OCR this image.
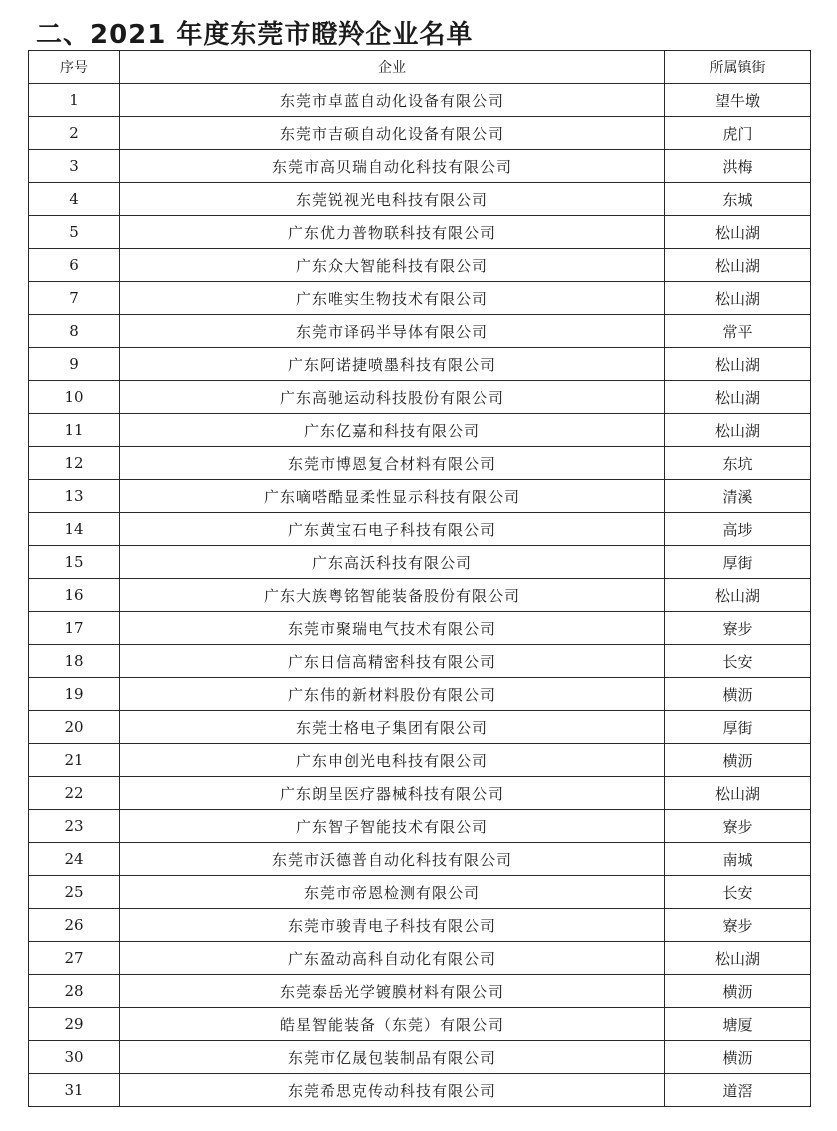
二、2021 年度东莞市瞪羚企业名单
序号	企业	所属镇街
1	东莞市卓蓝自动化设备有限公司	望牛墩
2	东莞市吉硕自动化设备有限公司	虎门
3	东莞市高贝瑞自动化科技有限公司	洪梅
4	东莞锐视光电科技有限公司	东城
5	广东优力普物联科技有限公司	松山湖
6	广东众大智能科技有限公司	松山湖
7	广东唯实生物技术有限公司	松山湖
8	东莞市译码半导体有限公司	常平
9	广东阿诺捷喷墨科技有限公司	松山湖
10	广东高驰运动科技股份有限公司	松山湖
11	广东亿嘉和科技有限公司	松山湖
12	东莞市博恩复合材料有限公司	东坑
13	广东嘀嗒酷显柔性显示科技有限公司	清溪
14	广东黄宝石电子科技有限公司	高埗
15	广东高沃科技有限公司	厚街
16	广东大族粤铭智能装备股份有限公司	松山湖
17	东莞市聚瑞电气技术有限公司	寮步
18	广东日信高精密科技有限公司	长安
19	广东伟的新材料股份有限公司	横沥
20	东莞士格电子集团有限公司	厚街
21	广东申创光电科技有限公司	横沥
22	广东朗呈医疗器械科技有限公司	松山湖
23	广东智子智能技术有限公司	寮步
24	东莞市沃德普自动化科技有限公司	南城
25	东莞市帝恩检测有限公司	长安
26	东莞市骏青电子科技有限公司	寮步
27	广东盈动高科自动化有限公司	松山湖
28	东莞泰岳光学镀膜材料有限公司	横沥
29	皓星智能装备（东莞）有限公司	塘厦
30	东莞市亿晟包装制品有限公司	横沥
31	东莞希思克传动科技有限公司	道滘
